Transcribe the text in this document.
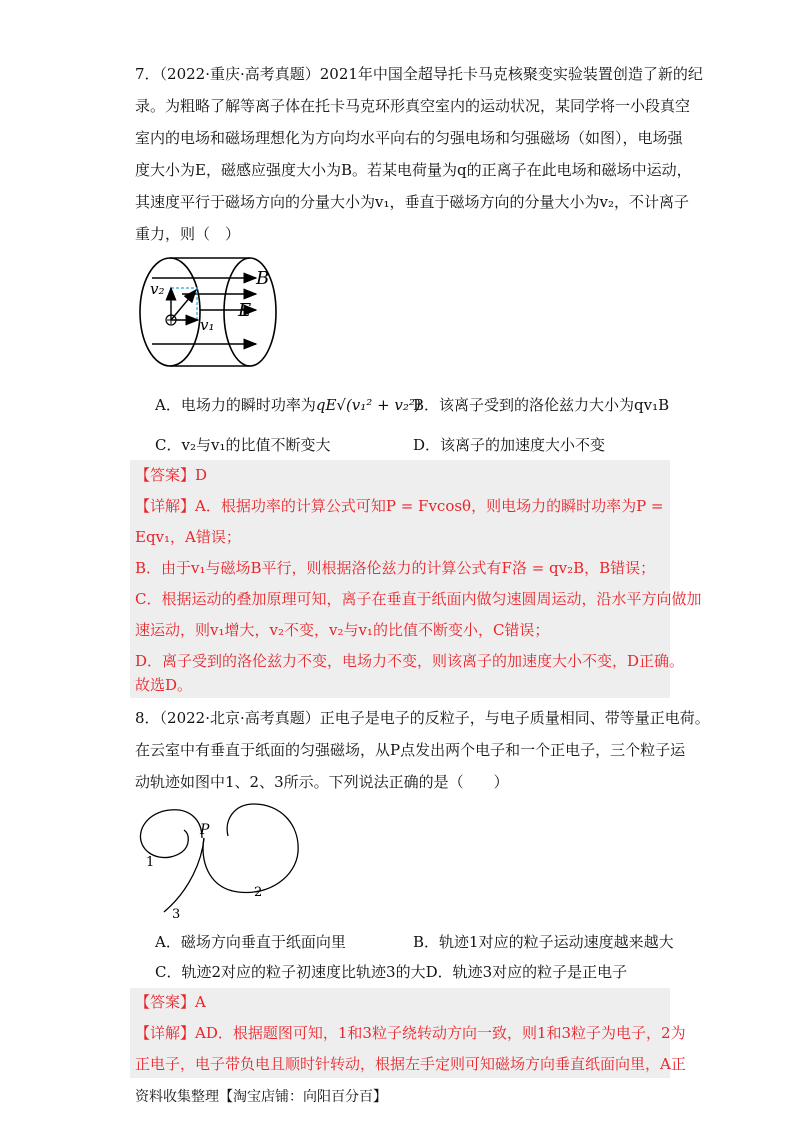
7．（2022·重庆·高考真题）2021年中国全超导托卡马克核聚变实验装置创造了新的纪
录。为粗略了解等离子体在托卡马克环形真空室内的运动状况，某同学将一小段真空
室内的电场和磁场理想化为方向均水平向右的匀强电场和匀强磁场（如图），电场强
度大小为E，磁感应强度大小为B。若某电荷量为q的正离子在此电场和磁场中运动，
其速度平行于磁场方向的分量大小为v₁，垂直于磁场方向的分量大小为v₂，不计离子
重力，则（　）
B
E
v₂
v₁
A．电场力的瞬时功率为qE√(v₁² + v₂²)
B．该离子受到的洛伦兹力大小为qv₁B
C．v₂与v₁的比值不断变大	D．该离子的加速度大小不变
【答案】D
【详解】A．根据功率的计算公式可知P = Fvcosθ，则电场力的瞬时功率为P =
Eqv₁，A错误；
B．由于v₁与磁场B平行，则根据洛伦兹力的计算公式有F洛 = qv₂B，B错误；
C．根据运动的叠加原理可知，离子在垂直于纸面内做匀速圆周运动，沿水平方向做加
速运动，则v₁增大，v₂不变，v₂与v₁的比值不断变小，C错误；
D．离子受到的洛伦兹力不变，电场力不变，则该离子的加速度大小不变，D正确。
故选D。
8．（2022·北京·高考真题）正电子是电子的反粒子，与电子质量相同、带等量正电荷。
在云室中有垂直于纸面的匀强磁场，从P点发出两个电子和一个正电子，三个粒子运
动轨迹如图中1、2、3所示。下列说法正确的是（　　）
P
1
2
3
A．磁场方向垂直于纸面向里	B．轨迹1对应的粒子运动速度越来越大
C．轨迹2对应的粒子初速度比轨迹3的大D．轨迹3对应的粒子是正电子
【答案】A
【详解】AD．根据题图可知，1和3粒子绕转动方向一致，则1和3粒子为电子，2为
正电子，电子带负电且顺时针转动，根据左手定则可知磁场方向垂直纸面向里，A正
资料收集整理【淘宝店铺：向阳百分百】
